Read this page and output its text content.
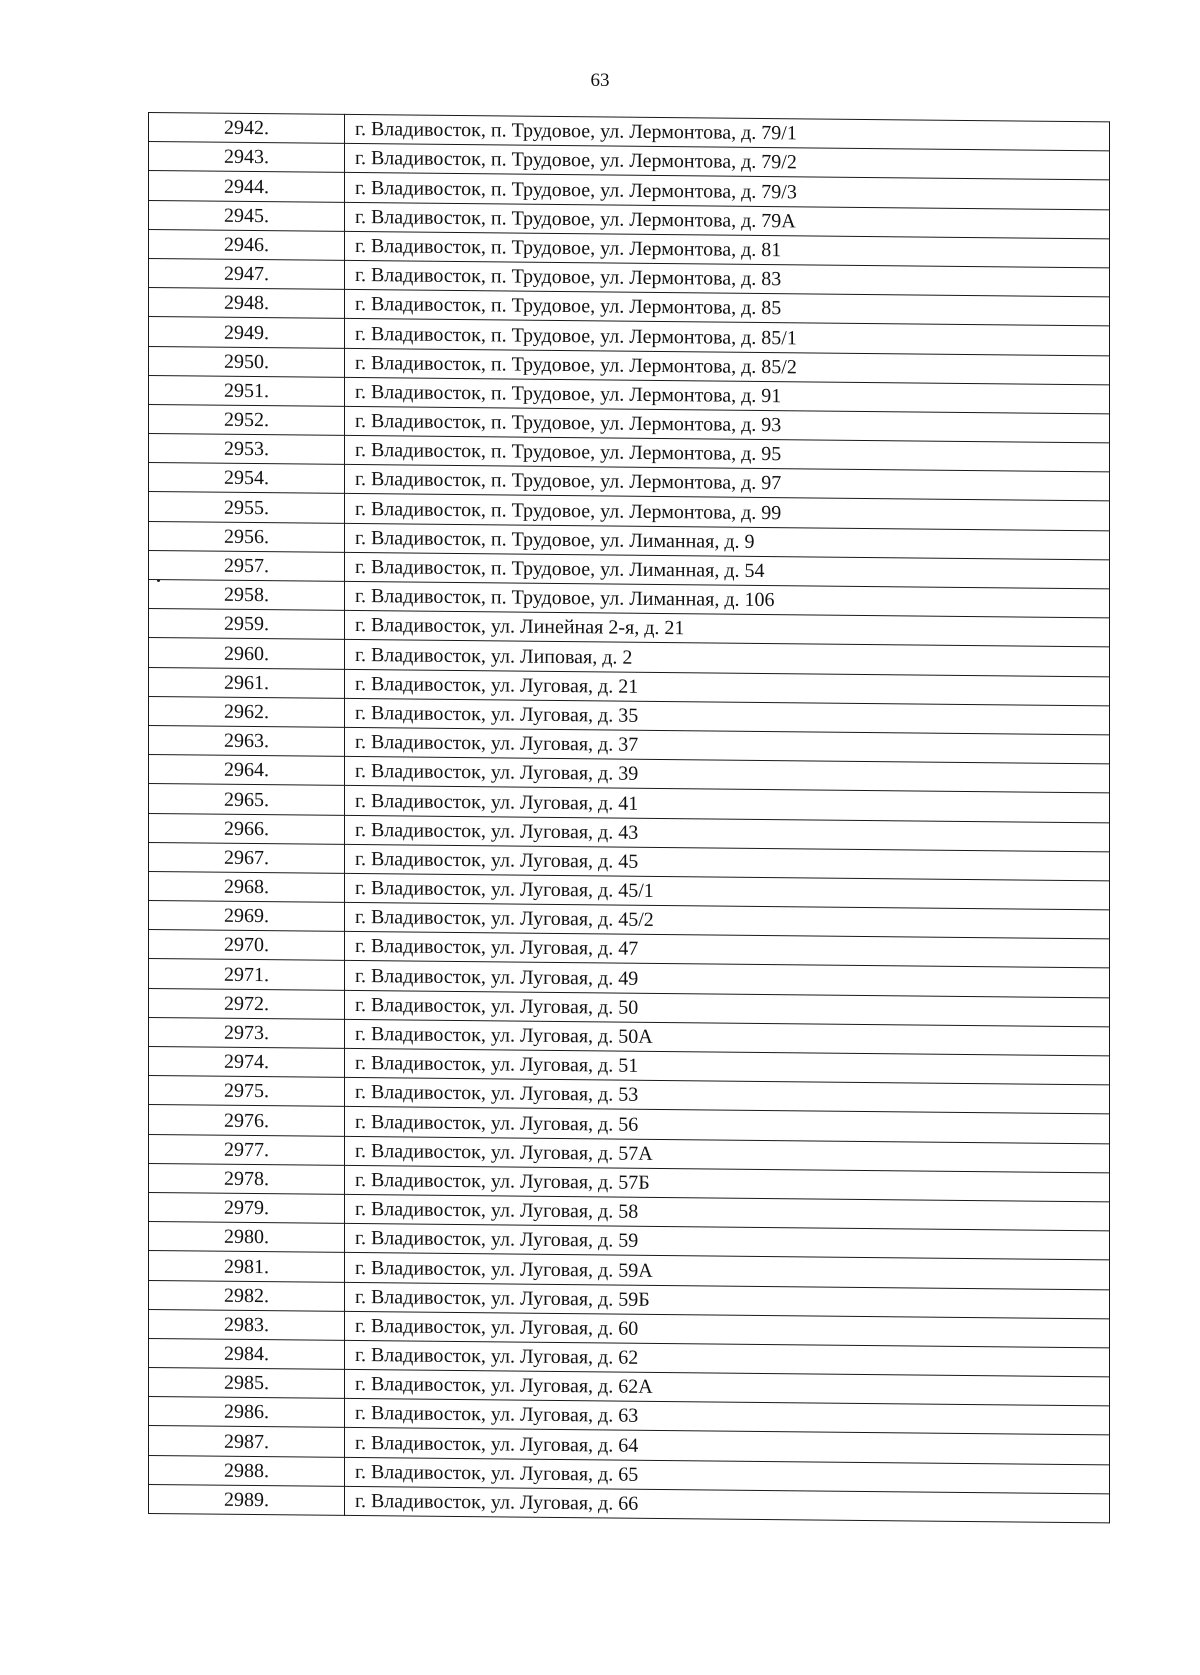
63
2942.	г. Владивосток, п. Трудовое, ул. Лермонтова, д. 79/1
2943.	г. Владивосток, п. Трудовое, ул. Лермонтова, д. 79/2
2944.	г. Владивосток, п. Трудовое, ул. Лермонтова, д. 79/3
2945.	г. Владивосток, п. Трудовое, ул. Лермонтова, д. 79А
2946.	г. Владивосток, п. Трудовое, ул. Лермонтова, д. 81
2947.	г. Владивосток, п. Трудовое, ул. Лермонтова, д. 83
2948.	г. Владивосток, п. Трудовое, ул. Лермонтова, д. 85
2949.	г. Владивосток, п. Трудовое, ул. Лермонтова, д. 85/1
2950.	г. Владивосток, п. Трудовое, ул. Лермонтова, д. 85/2
2951.	г. Владивосток, п. Трудовое, ул. Лермонтова, д. 91
2952.	г. Владивосток, п. Трудовое, ул. Лермонтова, д. 93
2953.	г. Владивосток, п. Трудовое, ул. Лермонтова, д. 95
2954.	г. Владивосток, п. Трудовое, ул. Лермонтова, д. 97
2955.	г. Владивосток, п. Трудовое, ул. Лермонтова, д. 99
2956.	г. Владивосток, п. Трудовое, ул. Лиманная, д. 9
2957.	г. Владивосток, п. Трудовое, ул. Лиманная, д. 54
2958.	г. Владивосток, п. Трудовое, ул. Лиманная, д. 106
2959.	г. Владивосток, ул. Линейная 2-я, д. 21
2960.	г. Владивосток, ул. Липовая, д. 2
2961.	г. Владивосток, ул. Луговая, д. 21
2962.	г. Владивосток, ул. Луговая, д. 35
2963.	г. Владивосток, ул. Луговая, д. 37
2964.	г. Владивосток, ул. Луговая, д. 39
2965.	г. Владивосток, ул. Луговая, д. 41
2966.	г. Владивосток, ул. Луговая, д. 43
2967.	г. Владивосток, ул. Луговая, д. 45
2968.	г. Владивосток, ул. Луговая, д. 45/1
2969.	г. Владивосток, ул. Луговая, д. 45/2
2970.	г. Владивосток, ул. Луговая, д. 47
2971.	г. Владивосток, ул. Луговая, д. 49
2972.	г. Владивосток, ул. Луговая, д. 50
2973.	г. Владивосток, ул. Луговая, д. 50А
2974.	г. Владивосток, ул. Луговая, д. 51
2975.	г. Владивосток, ул. Луговая, д. 53
2976.	г. Владивосток, ул. Луговая, д. 56
2977.	г. Владивосток, ул. Луговая, д. 57А
2978.	г. Владивосток, ул. Луговая, д. 57Б
2979.	г. Владивосток, ул. Луговая, д. 58
2980.	г. Владивосток, ул. Луговая, д. 59
2981.	г. Владивосток, ул. Луговая, д. 59А
2982.	г. Владивосток, ул. Луговая, д. 59Б
2983.	г. Владивосток, ул. Луговая, д. 60
2984.	г. Владивосток, ул. Луговая, д. 62
2985.	г. Владивосток, ул. Луговая, д. 62А
2986.	г. Владивосток, ул. Луговая, д. 63
2987.	г. Владивосток, ул. Луговая, д. 64
2988.	г. Владивосток, ул. Луговая, д. 65
2989.	г. Владивосток, ул. Луговая, д. 66
